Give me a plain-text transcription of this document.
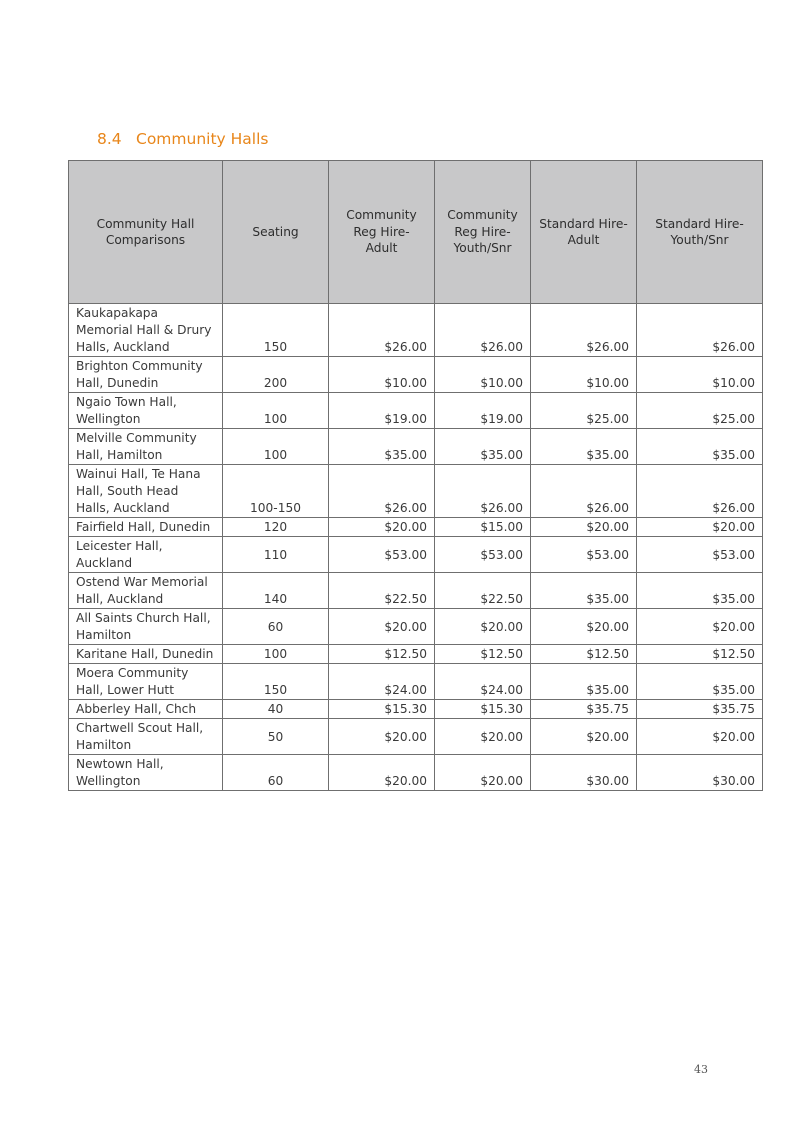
8.4 Community Halls
Community Hall Comparisons	Seating	Community Reg Hire- Adult	Community Reg Hire- Youth/Snr	Standard Hire- Adult	Standard Hire- Youth/Snr
Kaukapakapa Memorial Hall & Drury Halls, Auckland	150	$26.00	$26.00	$26.00	$26.00
Brighton Community Hall, Dunedin	200	$10.00	$10.00	$10.00	$10.00
Ngaio Town Hall, Wellington	100	$19.00	$19.00	$25.00	$25.00
Melville Community Hall, Hamilton	100	$35.00	$35.00	$35.00	$35.00
Wainui Hall, Te Hana Hall, South Head Halls, Auckland	100-150	$26.00	$26.00	$26.00	$26.00
Fairfield Hall, Dunedin	120	$20.00	$15.00	$20.00	$20.00
Leicester Hall, Auckland	110	$53.00	$53.00	$53.00	$53.00
Ostend War Memorial Hall, Auckland	140	$22.50	$22.50	$35.00	$35.00
All Saints Church Hall, Hamilton	60	$20.00	$20.00	$20.00	$20.00
Karitane Hall, Dunedin	100	$12.50	$12.50	$12.50	$12.50
Moera Community Hall, Lower Hutt	150	$24.00	$24.00	$35.00	$35.00
Abberley Hall, Chch	40	$15.30	$15.30	$35.75	$35.75
Chartwell Scout Hall, Hamilton	50	$20.00	$20.00	$20.00	$20.00
Newtown Hall, Wellington	60	$20.00	$20.00	$30.00	$30.00
43
